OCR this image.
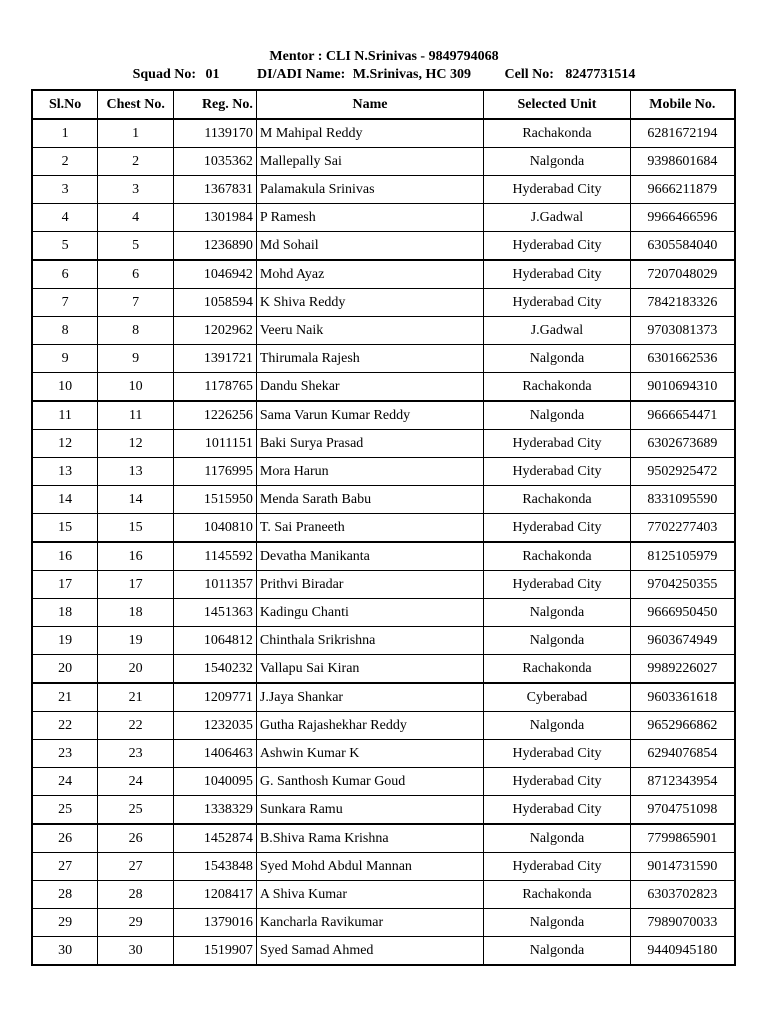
Mentor : CLI N.Srinivas - 9849794068
Squad No: 01	DI/ADI Name: M.Srinivas, HC 309 Cell No: 8247731514
Sl.No	Chest No.	Reg. No.	Name	Selected Unit	Mobile No.
1	1	1139170	M Mahipal Reddy	Rachakonda	6281672194
2	2	1035362	Mallepally Sai	Nalgonda	9398601684
3	3	1367831	Palamakula Srinivas	Hyderabad City	9666211879
4	4	1301984	P Ramesh	J.Gadwal	9966466596
5	5	1236890	Md Sohail	Hyderabad City	6305584040
6	6	1046942	Mohd Ayaz	Hyderabad City	7207048029
7	7	1058594	K Shiva Reddy	Hyderabad City	7842183326
8	8	1202962	Veeru Naik	J.Gadwal	9703081373
9	9	1391721	Thirumala Rajesh	Nalgonda	6301662536
10	10	1178765	Dandu Shekar	Rachakonda	9010694310
11	11	1226256	Sama Varun Kumar Reddy	Nalgonda	9666654471
12	12	1011151	Baki Surya Prasad	Hyderabad City	6302673689
13	13	1176995	Mora Harun	Hyderabad City	9502925472
14	14	1515950	Menda Sarath Babu	Rachakonda	8331095590
15	15	1040810	T. Sai Praneeth	Hyderabad City	7702277403
16	16	1145592	Devatha Manikanta	Rachakonda	8125105979
17	17	1011357	Prithvi Biradar	Hyderabad City	9704250355
18	18	1451363	Kadingu Chanti	Nalgonda	9666950450
19	19	1064812	Chinthala Srikrishna	Nalgonda	9603674949
20	20	1540232	Vallapu Sai Kiran	Rachakonda	9989226027
21	21	1209771	J.Jaya Shankar	Cyberabad	9603361618
22	22	1232035	Gutha Rajashekhar Reddy	Nalgonda	9652966862
23	23	1406463	Ashwin Kumar K	Hyderabad City	6294076854
24	24	1040095	G. Santhosh Kumar Goud	Hyderabad City	8712343954
25	25	1338329	Sunkara Ramu	Hyderabad City	9704751098
26	26	1452874	B.Shiva Rama Krishna	Nalgonda	7799865901
27	27	1543848	Syed Mohd Abdul Mannan	Hyderabad City	9014731590
28	28	1208417	A Shiva Kumar	Rachakonda	6303702823
29	29	1379016	Kancharla Ravikumar	Nalgonda	7989070033
30	30	1519907	Syed Samad Ahmed	Nalgonda	9440945180
